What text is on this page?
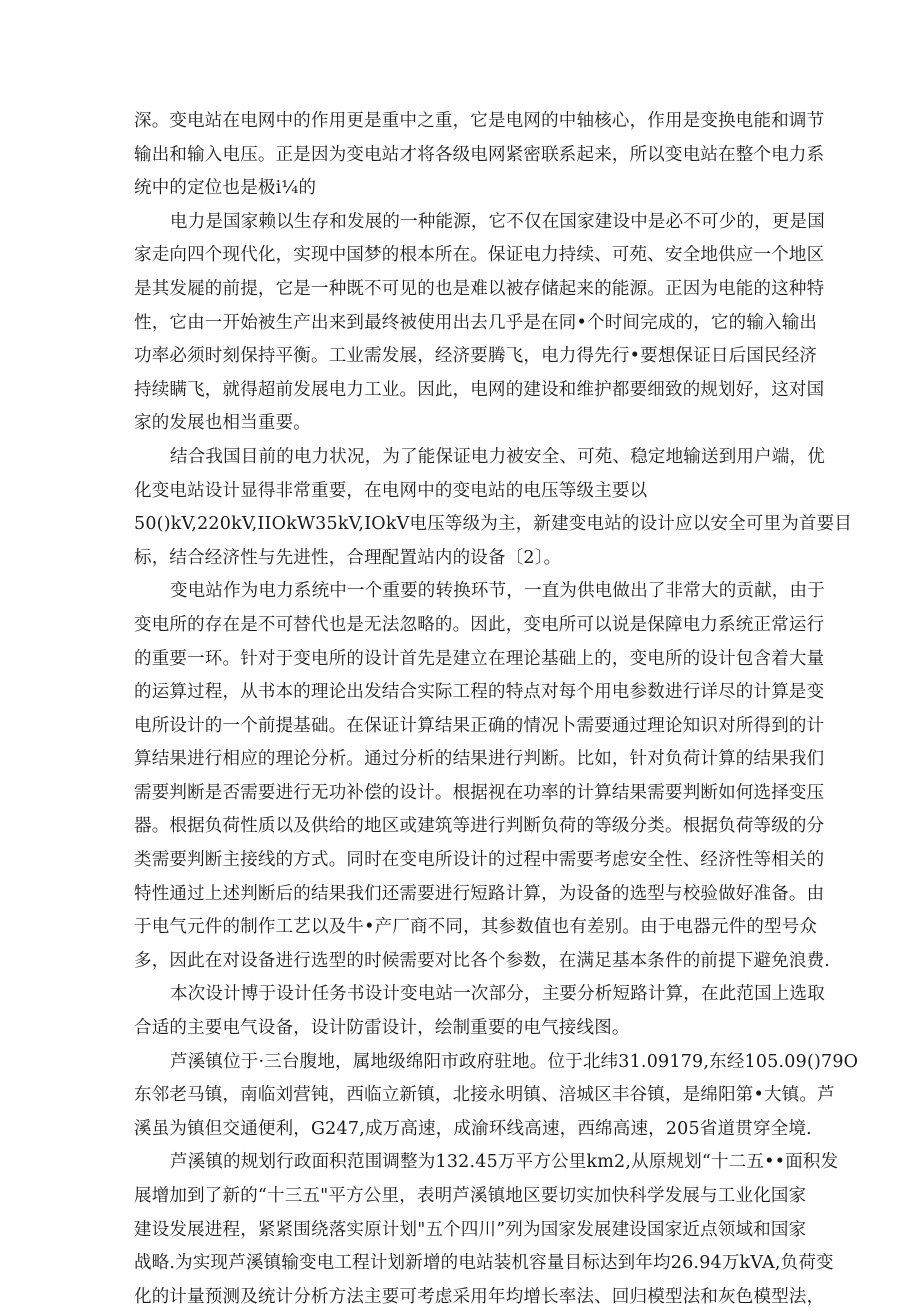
深。变电站在电网中的作用更是重中之重，它是电网的中轴核心，作用是变换电能和调节
输出和输入电压。正是因为变电站才将各级电网紧密联系起来，所以变电站在整个电力系
统中的定位也是极i¼的
电力是国家赖以生存和发展的一种能源，它不仅在国家建设中是必不可少的，更是国
家走向四个现代化，实现中国梦的根本所在。保证电力持续、可苑、安全地供应一个地区
是其发屣的前提，它是一种既不可见的也是难以被存储起来的能源。正因为电能的这种特
性，它由一开始被生产出来到最终被使用出去几乎是在同•个时间完成的，它的输入输出
功率必须时刻保持平衡。工业需发展，经济要腾飞，电力得先行•要想保证日后国民经济
持续瞒飞，就得超前发展电力工业。因此，电网的建设和维护都要细致的规划好，这对国
家的发展也相当重要。
结合我国目前的电力状况，为了能保证电力被安全、可苑、稳定地输送到用户端，优
化变电站设计显得非常重要，在电网中的变电站的电压等级主要以
50()kV,220kV,IIOkW35kV,IOkV电压等级为主，新建变电站的设计应以安全可里为首要目
标，结合经济性与先进性，合理配置站内的设备〔2〕。
变电站作为电力系统中一个重要的转换环节，一直为供电做出了非常大的贡献，由于
变电所的存在是不可替代也是无法忽略的。因此，变电所可以说是保障电力系统正常运行
的重要一环。针对于变电所的设计首先是建立在理论基础上的，变电所的设计包含着大量
的运算过程，从书本的理论出发结合实际工程的特点对每个用电参数进行详尽的计算是变
电所设计的一个前提基础。在保证计算结果正确的情况卜需要通过理论知识对所得到的计
算结果进行相应的理论分析。通过分析的结果进行判断。比如，针对负荷计算的结果我们
需要判断是否需要进行无功补偿的设计。根据视在功率的计算结果需要判断如何选择变压
器。根据负荷性质以及供给的地区或建筑等进行判断负荷的等级分类。根据负荷等级的分
类需要判断主接线的方式。同时在变电所设计的过程中需要考虑安全性、经济性等相关的
特性通过上述判断后的结果我们还需要进行短路计算，为设备的选型与校验做好准备。由
于电气元件的制作工艺以及牛•产厂商不同，其参数值也有差别。由于电器元件的型号众
多，因此在对设备进行选型的时候需要对比各个参数，在满足基本条件的前提下避免浪费.
本次设计博于设计任务书设计变电站一次部分，主要分析短路计算，在此范国上选取
合适的主要电气设备，设计防雷设计，绘制重要的电气接线图。
芦溪镇位于·三台腹地，属地级绵阳市政府驻地。位于北纬31.09179,东经105.09()79O
东邻老马镇，南临刘营钝，西临立新镇，北接永明镇、涪城区丰谷镇，是绵阳第•大镇。芦
溪虽为镇但交通便利，G247,成万高速，成渝环线高速，西绵高速，205省道贯穿全境.
芦溪镇的规划行政面积范围调整为132.45万平方公里km2,从原规划“十二五••面积发
展增加到了新的“十三五"平方公里，表明芦溪镇地区要切实加快科学发展与工业化国家
建设发展进程，紧紧围绕落实原计划"五个四川”列为国家发展建设国家近点领域和国家
战略.为实现芦溪镇输变电工程计划新增的电站装机容量目标达到年均26.94万kVA,负荷变
化的计量预测及统计分析方法主要可考虑采用年均增长率法、回归模型法和灰色模型法，
